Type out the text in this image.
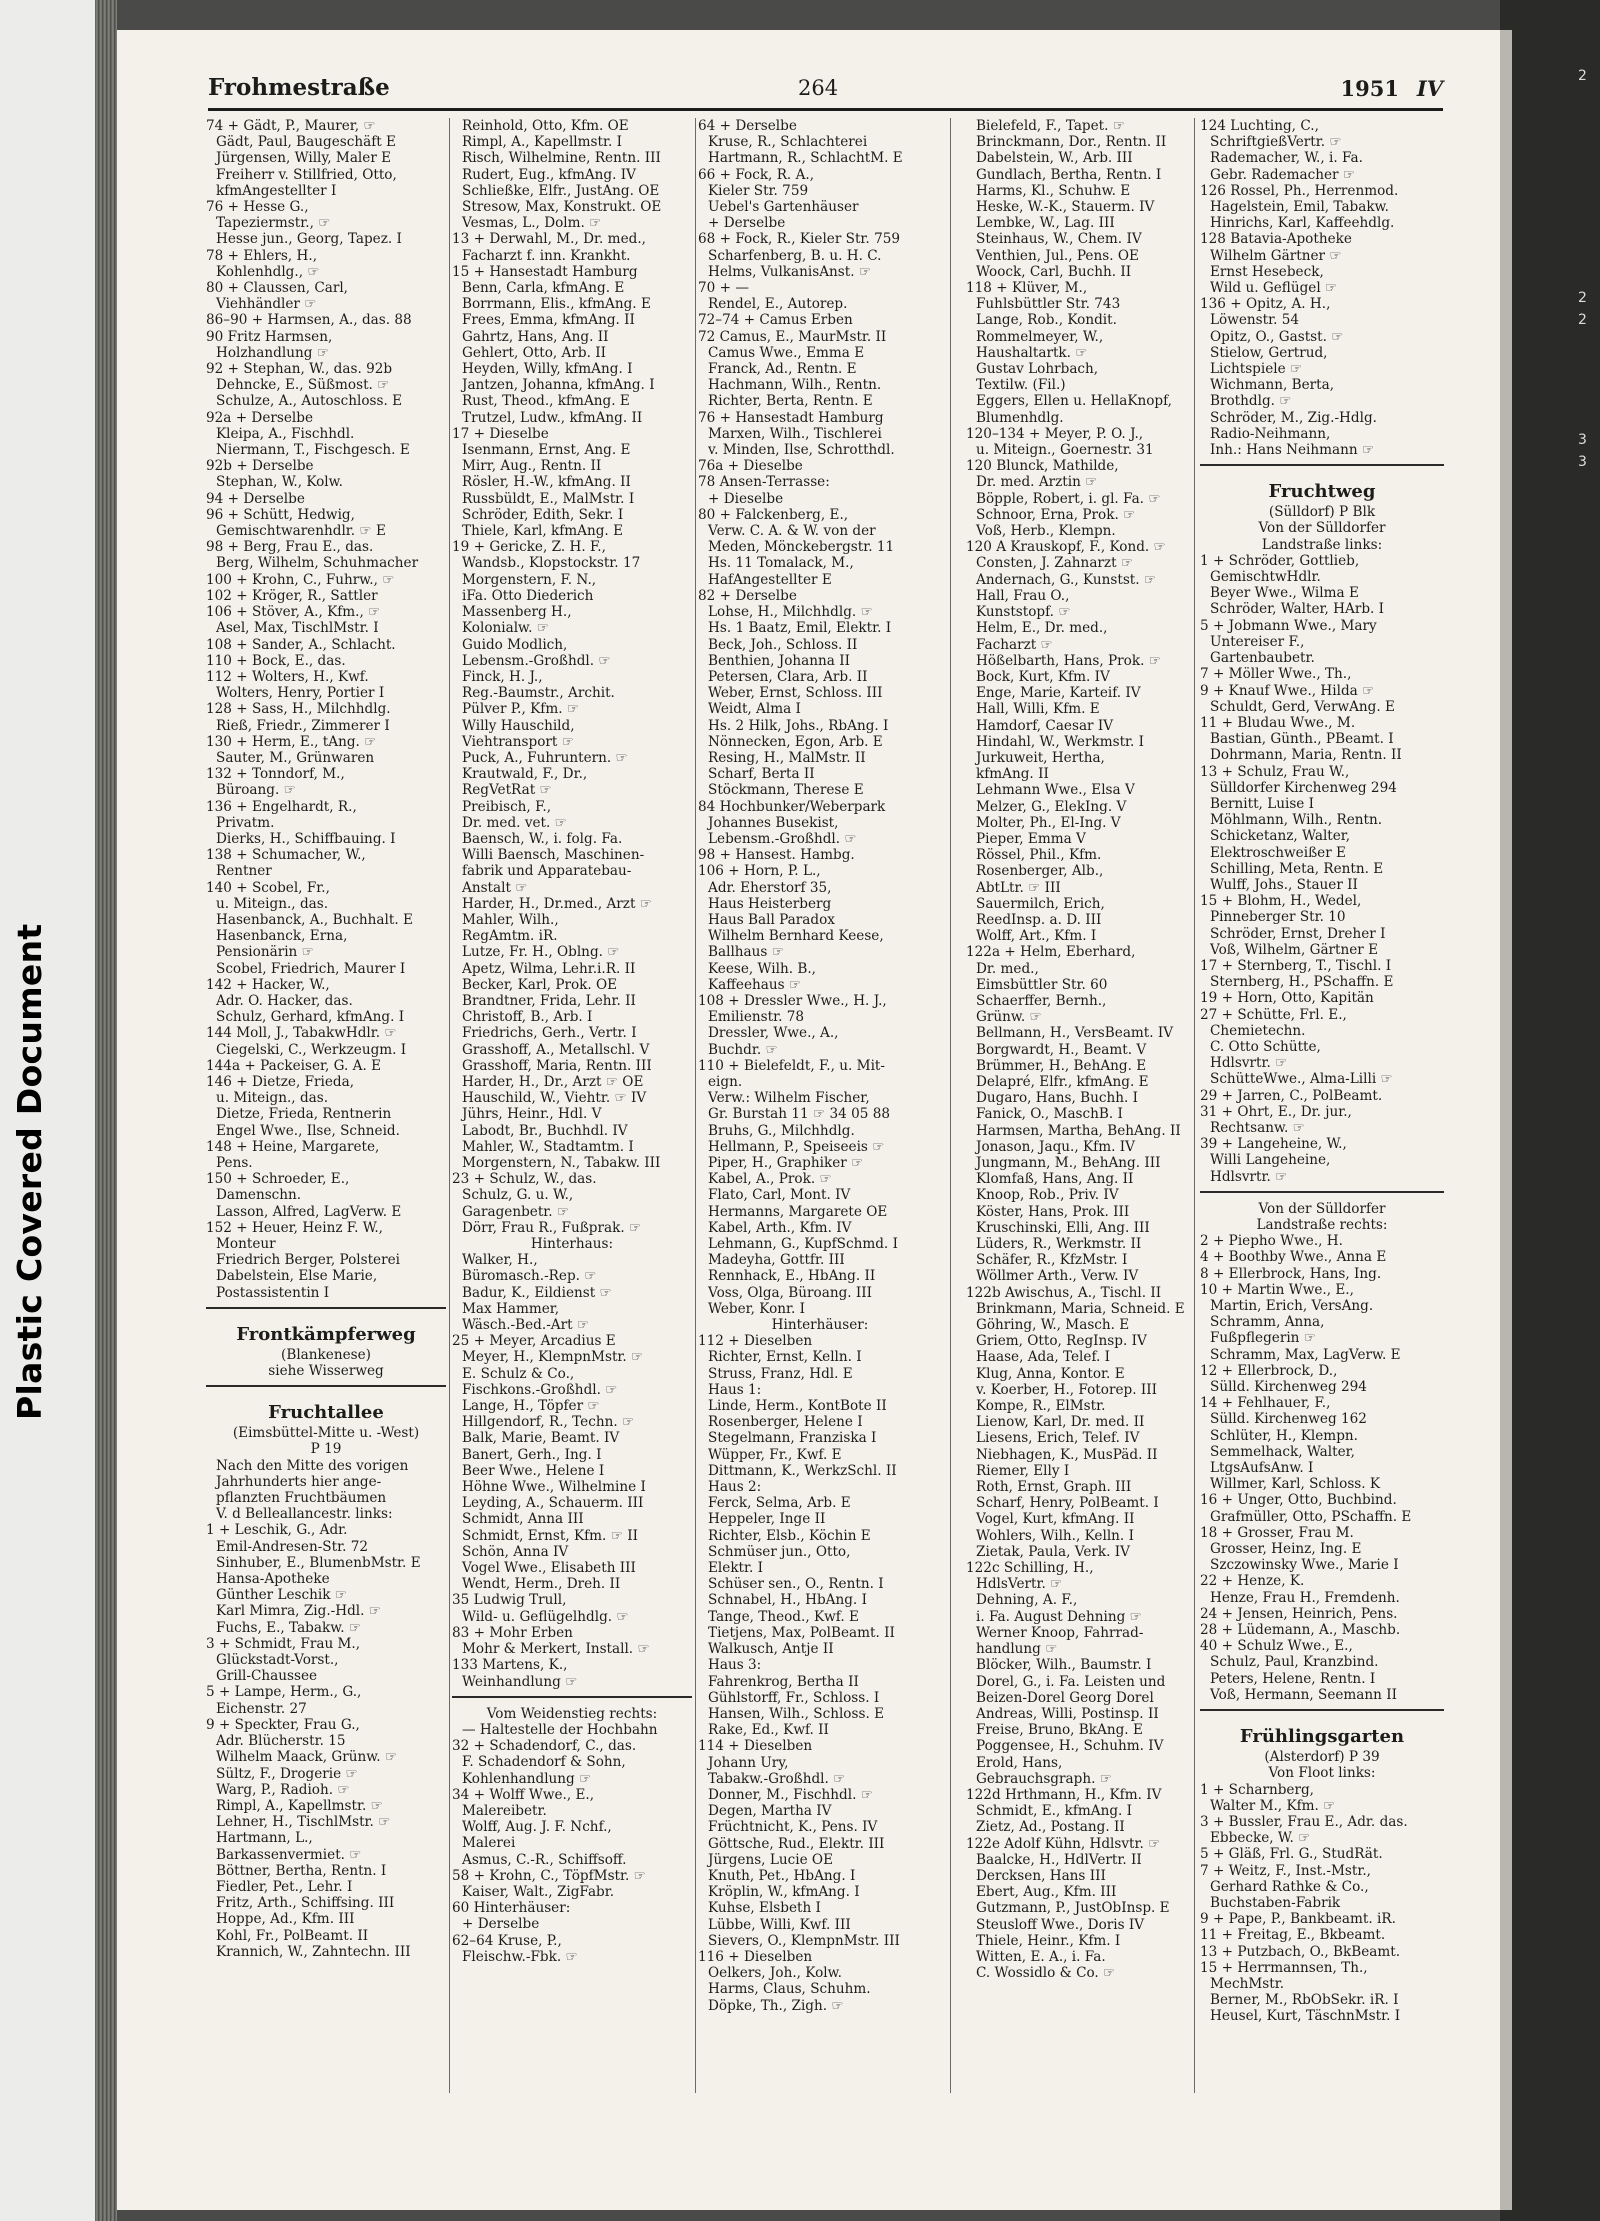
Plastic Covered Document
2
2
2
3
3
Frohmestraße	264	1951 IV
74 + Gädt, P., Maurer, ☞
Gädt, Paul, Baugeschäft E
Jürgensen, Willy, Maler E
Freiherr v. Stillfried, Otto,
kfmAngestellter I
76 + Hesse G.,
Tapeziermstr., ☞
Hesse jun., Georg, Tapez. I
78 + Ehlers, H.,
Kohlenhdlg., ☞
80 + Claussen, Carl,
Viehhändler ☞
86–90 + Harmsen, A., das. 88
90 Fritz Harmsen,
Holzhandlung ☞
92 + Stephan, W., das. 92b
Dehncke, E., Süßmost. ☞
Schulze, A., Autoschloss. E
92a + Derselbe
Kleipa, A., Fischhdl.
Niermann, T., Fischgesch. E
92b + Derselbe
Stephan, W., Kolw.
94 + Derselbe
96 + Schütt, Hedwig,
Gemischtwarenhdlr. ☞ E
98 + Berg, Frau E., das.
Berg, Wilhelm, Schuhmacher
100 + Krohn, C., Fuhrw., ☞
102 + Kröger, R., Sattler
106 + Stöver, A., Kfm., ☞
Asel, Max, TischlMstr. I
108 + Sander, A., Schlacht.
110 + Bock, E., das.
112 + Wolters, H., Kwf.
Wolters, Henry, Portier I
128 + Sass, H., Milchhdlg.
Rieß, Friedr., Zimmerer I
130 + Herm, E., tAng. ☞
Sauter, M., Grünwaren
132 + Tonndorf, M.,
Büroang. ☞
136 + Engelhardt, R.,
Privatm.
Dierks, H., Schiffbauing. I
138 + Schumacher, W.,
Rentner
140 + Scobel, Fr.,
u. Miteign., das.
Hasenbanck, A., Buchhalt. E
Hasenbanck, Erna,
Pensionärin ☞
Scobel, Friedrich, Maurer I
142 + Hacker, W.,
Adr. O. Hacker, das.
Schulz, Gerhard, kfmAng. I
144 Moll, J., TabakwHdlr. ☞
Ciegelski, C., Werkzeugm. I
144a + Packeiser, G. A. E
146 + Dietze, Frieda,
u. Miteign., das.
Dietze, Frieda, Rentnerin
Engel Wwe., Ilse, Schneid.
148 + Heine, Margarete,
Pens.
150 + Schroeder, E.,
Damenschn.
Lasson, Alfred, LagVerw. E
152 + Heuer, Heinz F. W.,
Monteur
Friedrich Berger, Polsterei
Dabelstein, Else Marie,
Postassistentin I
Frontkämpferweg
(Blankenese)
siehe Wisserweg
Fruchtallee
(Eimsbüttel-Mitte u. -West)
P 19
Nach den Mitte des vorigen
Jahrhunderts hier ange-
pflanzten Fruchtbäumen
V. d Belleallancestr. links:
1 + Leschik, G., Adr.
Emil-Andresen-Str. 72
Sinhuber, E., BlumenbMstr. E
Hansa-Apotheke
Günther Leschik ☞
Karl Mimra, Zig.-Hdl. ☞
Fuchs, E., Tabakw. ☞
3 + Schmidt, Frau M.,
Glückstadt-Vorst.,
Grill-Chaussee
5 + Lampe, Herm., G.,
Eichenstr. 27
9 + Speckter, Frau G.,
Adr. Blücherstr. 15
Wilhelm Maack, Grünw. ☞
Sültz, F., Drogerie ☞
Warg, P., Radioh. ☞
Rimpl, A., Kapellmstr. ☞
Lehner, H., TischlMstr. ☞
Hartmann, L.,
Barkassenvermiet. ☞
Böttner, Bertha, Rentn. I
Fiedler, Pet., Lehr. I
Fritz, Arth., Schiffsing. III
Hoppe, Ad., Kfm. III
Kohl, Fr., PolBeamt. II
Krannich, W., Zahntechn. III
Reinhold, Otto, Kfm. OE
Rimpl, A., Kapellmstr. I
Risch, Wilhelmine, Rentn. III
Rudert, Eug., kfmAng. IV
Schließke, Elfr., JustAng. OE
Stresow, Max, Konstrukt. OE
Vesmas, L., Dolm. ☞
13 + Derwahl, M., Dr. med.,
Facharzt f. inn. Krankht.
15 + Hansestadt Hamburg
Benn, Carla, kfmAng. E
Borrmann, Elis., kfmAng. E
Frees, Emma, kfmAng. II
Gahrtz, Hans, Ang. II
Gehlert, Otto, Arb. II
Heyden, Willy, kfmAng. I
Jantzen, Johanna, kfmAng. I
Rust, Theod., kfmAng. E
Trutzel, Ludw., kfmAng. II
17 + Dieselbe
Isenmann, Ernst, Ang. E
Mirr, Aug., Rentn. II
Rösler, H.-W., kfmAng. II
Russbüldt, E., MalMstr. I
Schröder, Edith, Sekr. I
Thiele, Karl, kfmAng. E
19 + Gericke, Z. H. F.,
Wandsb., Klopstockstr. 17
Morgenstern, F. N.,
iFa. Otto Diederich
Massenberg H.,
Kolonialw. ☞
Guido Modlich,
Lebensm.-Großhdl. ☞
Finck, H. J.,
Reg.-Baumstr., Archit.
Pülver P., Kfm. ☞
Willy Hauschild,
Viehtransport ☞
Puck, A., Fuhruntern. ☞
Krautwald, F., Dr.,
RegVetRat ☞
Preibisch, F.,
Dr. med. vet. ☞
Baensch, W., i. folg. Fa.
Willi Baensch, Maschinen-
fabrik und Apparatebau-
Anstalt ☞
Harder, H., Dr.med., Arzt ☞
Mahler, Wilh.,
RegAmtm. iR.
Lutze, Fr. H., Oblng. ☞
Apetz, Wilma, Lehr.i.R. II
Becker, Karl, Prok. OE
Brandtner, Frida, Lehr. II
Christoff, B., Arb. I
Friedrichs, Gerh., Vertr. I
Grasshoff, A., Metallschl. V
Grasshoff, Maria, Rentn. III
Harder, H., Dr., Arzt ☞ OE
Hauschild, W., Viehtr. ☞ IV
Jührs, Heinr., Hdl. V
Labodt, Br., Buchhdl. IV
Mahler, W., Stadtamtm. I
Morgenstern, N., Tabakw. III
23 + Schulz, W., das.
Schulz, G. u. W.,
Garagenbetr. ☞
Dörr, Frau R., Fußprak. ☞
Hinterhaus:
Walker, H.,
Büromasch.-Rep. ☞
Badur, K., Eildienst ☞
Max Hammer,
Wäsch.-Bed.-Art ☞
25 + Meyer, Arcadius E
Meyer, H., KlempnMstr. ☞
E. Schulz & Co.,
Fischkons.-Großhdl. ☞
Lange, H., Töpfer ☞
Hillgendorf, R., Techn. ☞
Balk, Marie, Beamt. IV
Banert, Gerh., Ing. I
Beer Wwe., Helene I
Höhne Wwe., Wilhelmine I
Leyding, A., Schauerm. III
Schmidt, Anna III
Schmidt, Ernst, Kfm. ☞ II
Schön, Anna IV
Vogel Wwe., Elisabeth III
Wendt, Herm., Dreh. II
35 Ludwig Trull,
Wild- u. Geflügelhdlg. ☞
83 + Mohr Erben
Mohr & Merkert, Install. ☞
133 Martens, K.,
Weinhandlung ☞
Vom Weidenstieg rechts:
— Haltestelle der Hochbahn
32 + Schadendorf, C., das.
F. Schadendorf & Sohn,
Kohlenhandlung ☞
34 + Wolff Wwe., E.,
Malereibetr.
Wolff, Aug. J. F. Nchf.,
Malerei
Asmus, C.-R., Schiffsoff.
58 + Krohn, C., TöpfMstr. ☞
Kaiser, Walt., ZigFabr.
60 Hinterhäuser:
+ Derselbe
62–64 Kruse, P.,
Fleischw.-Fbk. ☞
64 + Derselbe
Kruse, R., Schlachterei
Hartmann, R., SchlachtM. E
66 + Fock, R. A.,
Kieler Str. 759
Uebel's Gartenhäuser
+ Derselbe
68 + Fock, R., Kieler Str. 759
Scharfenberg, B. u. H. C.
Helms, VulkanisAnst. ☞
70 + —
Rendel, E., Autorep.
72–74 + Camus Erben
72 Camus, E., MaurMstr. II
Camus Wwe., Emma E
Franck, Ad., Rentn. E
Hachmann, Wilh., Rentn.
Richter, Berta, Rentn. E
76 + Hansestadt Hamburg
Marxen, Wilh., Tischlerei
v. Minden, Ilse, Schrotthdl.
76a + Dieselbe
78 Ansen-Terrasse:
+ Dieselbe
80 + Falckenberg, E.,
Verw. C. A. & W. von der
Meden, Mönckebergstr. 11
Hs. 11 Tomalack, M.,
HafAngestellter E
82 + Derselbe
Lohse, H., Milchhdlg. ☞
Hs. 1 Baatz, Emil, Elektr. I
Beck, Joh., Schloss. II
Benthien, Johanna II
Petersen, Clara, Arb. II
Weber, Ernst, Schloss. III
Weidt, Alma I
Hs. 2 Hilk, Johs., RbAng. I
Nönnecken, Egon, Arb. E
Resing, H., MalMstr. II
Scharf, Berta II
Stöckmann, Therese E
84 Hochbunker/Weberpark
Johannes Busekist,
Lebensm.-Großhdl. ☞
98 + Hansest. Hambg.
106 + Horn, P. L.,
Adr. Eherstorf 35,
Haus Heisterberg
Haus Ball Paradox
Wilhelm Bernhard Keese,
Ballhaus ☞
Keese, Wilh. B.,
Kaffeehaus ☞
108 + Dressler Wwe., H. J.,
Emilienstr. 78
Dressler, Wwe., A.,
Buchdr. ☞
110 + Bielefeldt, F., u. Mit-
eign.
Verw.: Wilhelm Fischer,
Gr. Burstah 11 ☞ 34 05 88
Bruhs, G., Milchhdlg.
Hellmann, P., Speiseeis ☞
Piper, H., Graphiker ☞
Kabel, A., Prok. ☞
Flato, Carl, Mont. IV
Hermanns, Margarete OE
Kabel, Arth., Kfm. IV
Lehmann, G., KupfSchmd. I
Madeyha, Gottfr. III
Rennhack, E., HbAng. II
Voss, Olga, Büroang. III
Weber, Konr. I
Hinterhäuser:
112 + Dieselben
Richter, Ernst, Kelln. I
Struss, Franz, Hdl. E
Haus 1:
Linde, Herm., KontBote II
Rosenberger, Helene I
Stegelmann, Franziska I
Wüpper, Fr., Kwf. E
Dittmann, K., WerkzSchl. II
Haus 2:
Ferck, Selma, Arb. E
Heppeler, Inge II
Richter, Elsb., Köchin E
Schmüser jun., Otto,
Elektr. I
Schüser sen., O., Rentn. I
Schnabel, H., HbAng. I
Tange, Theod., Kwf. E
Tietjens, Max, PolBeamt. II
Walkusch, Antje II
Haus 3:
Fahrenkrog, Bertha II
Gühlstorff, Fr., Schloss. I
Hansen, Wilh., Schloss. E
Rake, Ed., Kwf. II
114 + Dieselben
Johann Ury,
Tabakw.-Großhdl. ☞
Donner, M., Fischhdl. ☞
Degen, Martha IV
Früchtnicht, K., Pens. IV
Göttsche, Rud., Elektr. III
Jürgens, Lucie OE
Knuth, Pet., HbAng. I
Kröplin, W., kfmAng. I
Kuhse, Elsbeth I
Lübbe, Willi, Kwf. III
Sievers, O., KlempnMstr. III
116 + Dieselben
Oelkers, Joh., Kolw.
Harms, Claus, Schuhm.
Döpke, Th., Zigh. ☞
Bielefeld, F., Tapet. ☞
Brinckmann, Dor., Rentn. II
Dabelstein, W., Arb. III
Gundlach, Bertha, Rentn. I
Harms, Kl., Schuhw. E
Heske, W.-K., Stauerm. IV
Lembke, W., Lag. III
Steinhaus, W., Chem. IV
Venthien, Jul., Pens. OE
Woock, Carl, Buchh. II
118 + Klüver, M.,
Fuhlsbüttler Str. 743
Lange, Rob., Kondit.
Rommelmeyer, W.,
Haushaltartk. ☞
Gustav Lohrbach,
Textilw. (Fil.)
Eggers, Ellen u. HellaKnopf,
Blumenhdlg.
120–134 + Meyer, P. O. J.,
u. Miteign., Goernestr. 31
120 Blunck, Mathilde,
Dr. med. Arztin ☞
Böpple, Robert, i. gl. Fa. ☞
Schnoor, Erna, Prok. ☞
Voß, Herb., Klempn.
120 A Krauskopf, F., Kond. ☞
Consten, J. Zahnarzt ☞
Andernach, G., Kunstst. ☞
Hall, Frau O.,
Kunststopf. ☞
Helm, E., Dr. med.,
Facharzt ☞
Hößelbarth, Hans, Prok. ☞
Bock, Kurt, Kfm. IV
Enge, Marie, Karteif. IV
Hall, Willi, Kfm. E
Hamdorf, Caesar IV
Hindahl, W., Werkmstr. I
Jurkuweit, Hertha,
kfmAng. II
Lehmann Wwe., Elsa V
Melzer, G., ElekIng. V
Molter, Ph., El-Ing. V
Pieper, Emma V
Rössel, Phil., Kfm.
Rosenberger, Alb.,
AbtLtr. ☞ III
Sauermilch, Erich,
ReedInsp. a. D. III
Wolff, Art., Kfm. I
122a + Helm, Eberhard,
Dr. med.,
Eimsbüttler Str. 60
Schaerffer, Bernh.,
Grünw. ☞
Bellmann, H., VersBeamt. IV
Borgwardt, H., Beamt. V
Brümmer, H., BehAng. E
Delapré, Elfr., kfmAng. E
Dugaro, Hans, Buchh. I
Fanick, O., MaschB. I
Harmsen, Martha, BehAng. II
Jonason, Jaqu., Kfm. IV
Jungmann, M., BehAng. III
Klomfaß, Hans, Ang. II
Knoop, Rob., Priv. IV
Köster, Hans, Prok. III
Kruschinski, Elli, Ang. III
Lüders, R., Werkmstr. II
Schäfer, R., KfzMstr. I
Wöllmer Arth., Verw. IV
122b Awischus, A., Tischl. II
Brinkmann, Maria, Schneid. E
Göhring, W., Masch. E
Griem, Otto, RegInsp. IV
Haase, Ada, Telef. I
Klug, Anna, Kontor. E
v. Koerber, H., Fotorep. III
Kompe, R., ElMstr.
Lienow, Karl, Dr. med. II
Liesens, Erich, Telef. IV
Niebhagen, K., MusPäd. II
Riemer, Elly I
Roth, Ernst, Graph. III
Scharf, Henry, PolBeamt. I
Vogel, Kurt, kfmAng. II
Wohlers, Wilh., Kelln. I
Zietak, Paula, Verk. IV
122c Schilling, H.,
HdlsVertr. ☞
Dehning, A. F.,
i. Fa. August Dehning ☞
Werner Knoop, Fahrrad-
handlung ☞
Blöcker, Wilh., Baumstr. I
Dorel, G., i. Fa. Leisten und
Beizen-Dorel Georg Dorel
Andreas, Willi, Postinsp. II
Freise, Bruno, BkAng. E
Poggensee, H., Schuhm. IV
Erold, Hans,
Gebrauchsgraph. ☞
122d Hrthmann, H., Kfm. IV
Schmidt, E., kfmAng. I
Zietz, Ad., Postang. II
122e Adolf Kühn, Hdlsvtr. ☞
Baalcke, H., HdlVertr. II
Dercksen, Hans III
Ebert, Aug., Kfm. III
Gutzmann, P., JustObInsp. E
Steusloff Wwe., Doris IV
Thiele, Heinr., Kfm. I
Witten, E. A., i. Fa.
C. Wossidlo & Co. ☞
124 Luchting, C.,
SchriftgießVertr. ☞
Rademacher, W., i. Fa.
Gebr. Rademacher ☞
126 Rossel, Ph., Herrenmod.
Hagelstein, Emil, Tabakw.
Hinrichs, Karl, Kaffeehdlg.
128 Batavia-Apotheke
Wilhelm Gärtner ☞
Ernst Hesebeck,
Wild u. Geflügel ☞
136 + Opitz, A. H.,
Löwenstr. 54
Opitz, O., Gastst. ☞
Stielow, Gertrud,
Lichtspiele ☞
Wichmann, Berta,
Brothdlg. ☞
Schröder, M., Zig.-Hdlg.
Radio-Neihmann,
Inh.: Hans Neihmann ☞
Fruchtweg
(Sülldorf) P Blk
Von der Sülldorfer
Landstraße links:
1 + Schröder, Gottlieb,
GemischtwHdlr.
Beyer Wwe., Wilma E
Schröder, Walter, HArb. I
5 + Jobmann Wwe., Mary
Untereiser F.,
Gartenbaubetr.
7 + Möller Wwe., Th.,
9 + Knauf Wwe., Hilda ☞
Schuldt, Gerd, VerwAng. E
11 + Bludau Wwe., M.
Bastian, Günth., PBeamt. I
Dohrmann, Maria, Rentn. II
13 + Schulz, Frau W.,
Sülldorfer Kirchenweg 294
Bernitt, Luise I
Möhlmann, Wilh., Rentn.
Schicketanz, Walter,
Elektroschweißer E
Schilling, Meta, Rentn. E
Wulff, Johs., Stauer II
15 + Blohm, H., Wedel,
Pinneberger Str. 10
Schröder, Ernst, Dreher I
Voß, Wilhelm, Gärtner E
17 + Sternberg, T., Tischl. I
Sternberg, H., PSchaffn. E
19 + Horn, Otto, Kapitän
27 + Schütte, Frl. E.,
Chemietechn.
C. Otto Schütte,
Hdlsvrtr. ☞
SchütteWwe., Alma-Lilli ☞
29 + Jarren, C., PolBeamt.
31 + Ohrt, E., Dr. jur.,
Rechtsanw. ☞
39 + Langeheine, W.,
Willi Langeheine,
Hdlsvrtr. ☞
Von der Sülldorfer
Landstraße rechts:
2 + Piepho Wwe., H.
4 + Boothby Wwe., Anna E
8 + Ellerbrock, Hans, Ing.
10 + Martin Wwe., E.,
Martin, Erich, VersAng.
Schramm, Anna,
Fußpflegerin ☞
Schramm, Max, LagVerw. E
12 + Ellerbrock, D.,
Sülld. Kirchenweg 294
14 + Fehlhauer, F.,
Sülld. Kirchenweg 162
Schlüter, H., Klempn.
Semmelhack, Walter,
LtgsAufsAnw. I
Willmer, Karl, Schloss. K
16 + Unger, Otto, Buchbind.
Grafmüller, Otto, PSchaffn. E
18 + Grosser, Frau M.
Grosser, Heinz, Ing. E
Szczowinsky Wwe., Marie I
22 + Henze, K.
Henze, Frau H., Fremdenh.
24 + Jensen, Heinrich, Pens.
28 + Lüdemann, A., Maschb.
40 + Schulz Wwe., E.,
Schulz, Paul, Kranzbind.
Peters, Helene, Rentn. I
Voß, Hermann, Seemann II
Frühlingsgarten
(Alsterdorf) P 39
Von Floot links:
1 + Scharnberg,
Walter M., Kfm. ☞
3 + Bussler, Frau E., Adr. das.
Ebbecke, W. ☞
5 + Gläß, Frl. G., StudRät.
7 + Weitz, F., Inst.-Mstr.,
Gerhard Rathke & Co.,
Buchstaben-Fabrik
9 + Pape, P., Bankbeamt. iR.
11 + Freitag, E., Bkbeamt.
13 + Putzbach, O., BkBeamt.
15 + Herrmannsen, Th.,
MechMstr.
Berner, M., RbObSekr. iR. I
Heusel, Kurt, TäschnMstr. I
